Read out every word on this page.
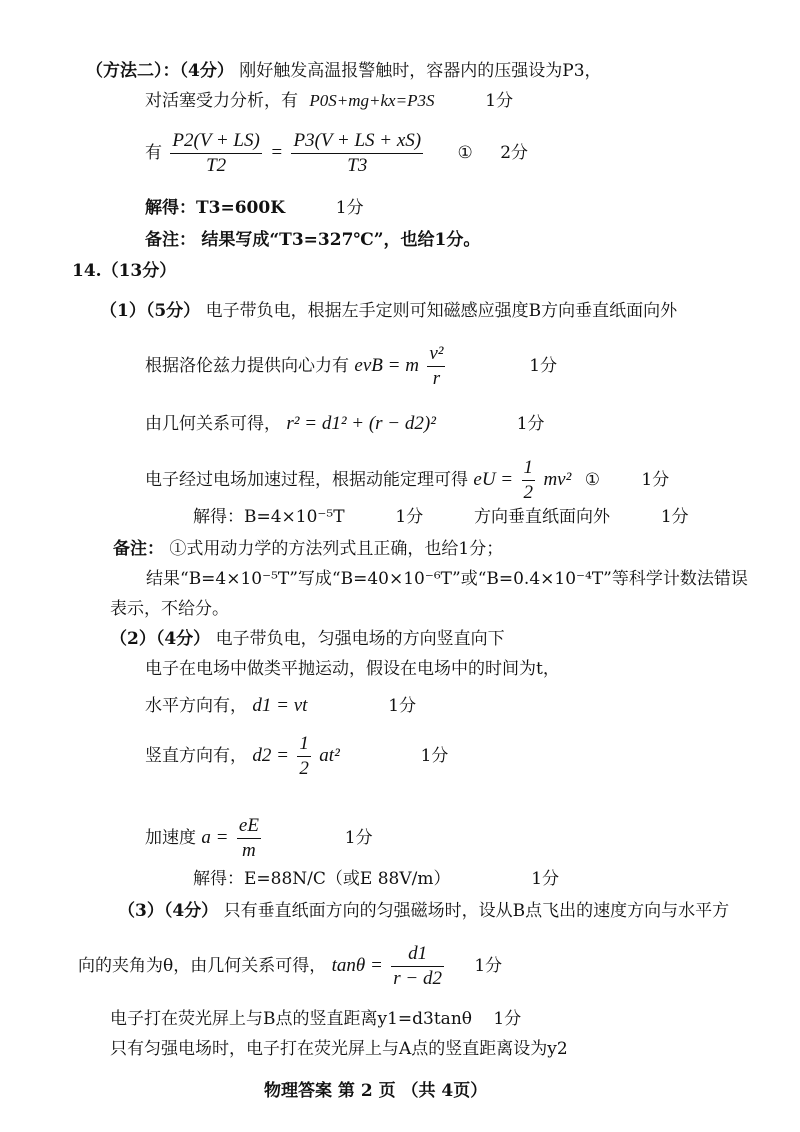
（方法二）：（4分） 刚好触发高温报警触时，容器内的压强设为P3，
对活塞受力分析，有 P0S+mg+kx=P3S	1分
有 $\frac{P2(V + LS)}{T2} = \frac{P3(V + LS + xS)}{T3}$ ① 2分
解得：T3=600K	1分
备注： 结果写成“T3=327℃”，也给1分。
14.（13分）
（1）（5分） 电子带负电，根据左手定则可知磁感应强度B方向垂直纸面向外
根据洛伦兹力提供向心力有 evB = m $\frac{\text{v²}}{r}$	1分
由几何关系可得， r² = d1² + (r − d2)²	1分
电子经过电场加速过程，根据动能定理可得 eU = $\frac{1}{2} mv^2$ ① 1分
解得：B=4×10⁻⁵T	1分	方向垂直纸面向外	1分
备注： ①式用动力学的方法列式且正确，也给1分；
结果“B=4×10⁻⁵T”写成“B=40×10⁻⁶T”或“B=0.4×10⁻⁴T”等科学计数法错误
表示，不给分。
（2）（4分） 电子带负电，匀强电场的方向竖直向下
电子在电场中做类平抛运动，假设在电场中的时间为t，
水平方向有， d1 = vt	1分
竖直方向有， $d2 = \frac{1}{2} at^2$	1分
加速度 $a = \frac{eE}{m}$	1分
解得：E=88N/C（或E 88V/m）	1分
（3）（4分） 只有垂直纸面方向的匀强磁场时，设从B点飞出的速度方向与水平方
向的夹角为θ，由几何关系可得， $\tan\theta = \frac{d1}{r - d2} 1$分
电子打在荧光屏上与B点的竖直距离y1=d3tanθ 1分
只有匀强电场时，电子打在荧光屏上与A点的竖直距离设为y2
物理答案 第 2 页 （共 4页）
